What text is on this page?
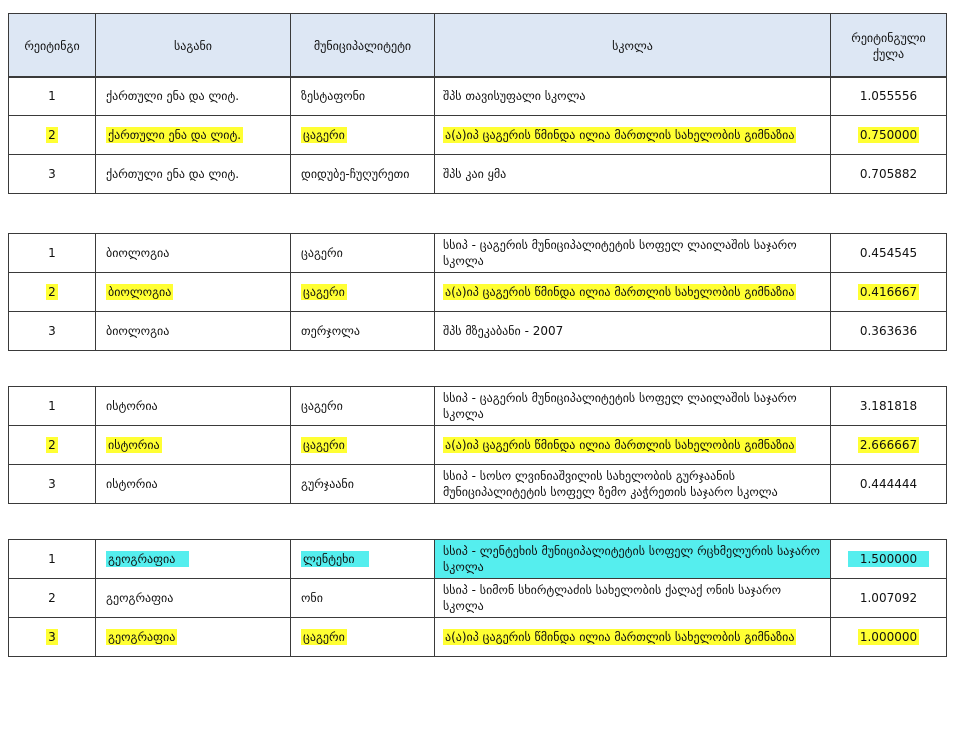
რეიტინგი	საგანი	მუნიციპალიტეტი	სკოლა	რეიტინგული ქულა
1	ქართული ენა და ლიტ.	ზესტაფონი	შპს თავისუფალი სკოლა	1.055556
2	ქართული ენა და ლიტ.	ცაგერი	ა(ა)იპ ცაგერის წმინდა ილია მართლის სახელობის გიმნაზია	0.750000
3	ქართული ენა და ლიტ.	დიდუბე-ჩუღურეთი	შპს კაი ყმა	0.705882
1	ბიოლოგია	ცაგერი	სსიპ - ცაგერის მუნიციპალიტეტის სოფელ ლაილაშის საჯარო სკოლა	0.454545
2	ბიოლოგია	ცაგერი	ა(ა)იპ ცაგერის წმინდა ილია მართლის სახელობის გიმნაზია	0.416667
3	ბიოლოგია	თერჯოლა	შპს მზეკაბანი - 2007	0.363636
1	ისტორია	ცაგერი	სსიპ - ცაგერის მუნიციპალიტეტის სოფელ ლაილაშის საჯარო სკოლა	3.181818
2	ისტორია	ცაგერი	ა(ა)იპ ცაგერის წმინდა ილია მართლის სახელობის გიმნაზია	2.666667
3	ისტორია	გურჯაანი	სსიპ - სოსო ლვინიაშვილის სახელობის გურჯაანის მუნიციპალიტეტის სოფელ ზემო კაჭრეთის საჯარო სკოლა	0.444444
1	გეოგრაფია	ლენტეხი	სსიპ - ლენტეხის მუნიციპალიტეტის სოფელ რცხმელურის საჯარო სკოლა	1.500000
2	გეოგრაფია	ონი	სსიპ - სიმონ სხირტლაძის სახელობის ქალაქ ონის საჯარო სკოლა	1.007092
3	გეოგრაფია	ცაგერი	ა(ა)იპ ცაგერის წმინდა ილია მართლის სახელობის გიმნაზია	1.000000
